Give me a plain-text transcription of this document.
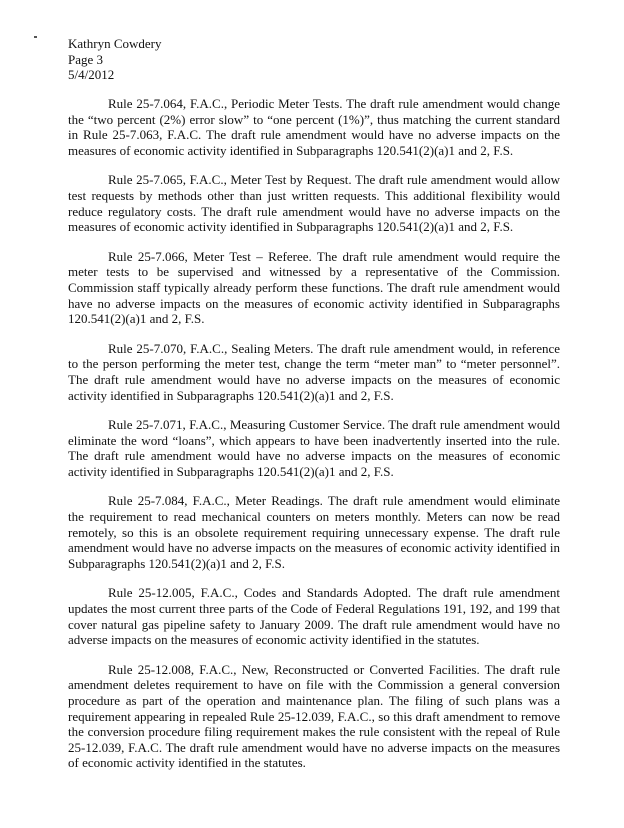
Kathryn Cowdery
Page 3
5/4/2012

Rule 25-7.064, F.A.C., Periodic Meter Tests. The draft rule amendment would change the “two percent (2%) error slow” to “one percent (1%)”, thus matching the current standard in Rule 25-7.063, F.A.C. The draft rule amendment would have no adverse impacts on the measures of economic activity identified in Subparagraphs 120.541(2)(a)1 and 2, F.S.

Rule 25-7.065, F.A.C., Meter Test by Request. The draft rule amendment would allow test requests by methods other than just written requests. This additional flexibility would reduce regulatory costs. The draft rule amendment would have no adverse impacts on the measures of economic activity identified in Subparagraphs 120.541(2)(a)1 and 2, F.S.

Rule 25-7.066, Meter Test – Referee. The draft rule amendment would require the meter tests to be supervised and witnessed by a representative of the Commission. Commission staff typically already perform these functions. The draft rule amendment would have no adverse impacts on the measures of economic activity identified in Subparagraphs 120.541(2)(a)1 and 2, F.S.

Rule 25-7.070, F.A.C., Sealing Meters. The draft rule amendment would, in reference to the person performing the meter test, change the term “meter man” to “meter personnel”. The draft rule amendment would have no adverse impacts on the measures of economic activity identified in Subparagraphs 120.541(2)(a)1 and 2, F.S.

Rule 25-7.071, F.A.C., Measuring Customer Service. The draft rule amendment would eliminate the word “loans”, which appears to have been inadvertently inserted into the rule. The draft rule amendment would have no adverse impacts on the measures of economic activity identified in Subparagraphs 120.541(2)(a)1 and 2, F.S.

Rule 25-7.084, F.A.C., Meter Readings. The draft rule amendment would eliminate the requirement to read mechanical counters on meters monthly. Meters can now be read remotely, so this is an obsolete requirement requiring unnecessary expense. The draft rule amendment would have no adverse impacts on the measures of economic activity identified in Subparagraphs 120.541(2)(a)1 and 2, F.S.

Rule 25-12.005, F.A.C., Codes and Standards Adopted. The draft rule amendment updates the most current three parts of the Code of Federal Regulations 191, 192, and 199 that cover natural gas pipeline safety to January 2009. The draft rule amendment would have no adverse impacts on the measures of economic activity identified in the statutes.

Rule 25-12.008, F.A.C., New, Reconstructed or Converted Facilities. The draft rule amendment deletes requirement to have on file with the Commission a general conversion procedure as part of the operation and maintenance plan. The filing of such plans was a requirement appearing in repealed Rule 25-12.039, F.A.C., so this draft amendment to remove the conversion procedure filing requirement makes the rule consistent with the repeal of Rule 25-12.039, F.A.C. The draft rule amendment would have no adverse impacts on the measures of economic activity identified in the statutes.
